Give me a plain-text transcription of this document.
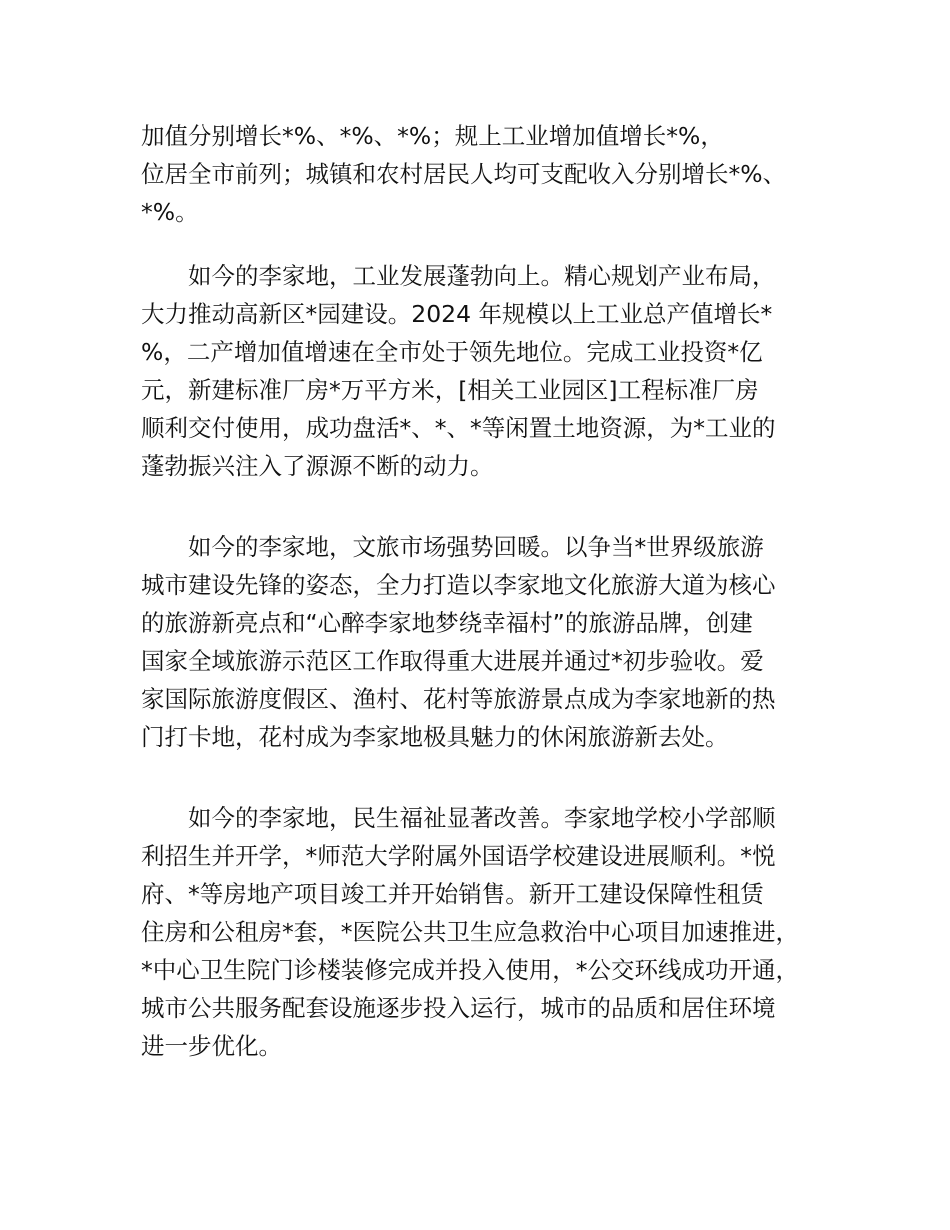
加值分别增长*%、*%、*%；规上工业增加值增长*%，
位居全市前列；城镇和农村居民人均可支配收入分别增长*%、
*%。
如今的李家地，工业发展蓬勃向上。精心规划产业布局，
大力推动高新区*园建设。2024 年规模以上工业总产值增长*
%，二产增加值增速在全市处于领先地位。完成工业投资*亿
元，新建标准厂房*万平方米，[相关工业园区]工程标准厂房
顺利交付使用，成功盘活*、*、*等闲置土地资源，为*工业的
蓬勃振兴注入了源源不断的动力。
如今的李家地，文旅市场强势回暖。以争当*世界级旅游
城市建设先锋的姿态，全力打造以李家地文化旅游大道为核心
的旅游新亮点和“心醉李家地梦绕幸福村”的旅游品牌，创建
国家全域旅游示范区工作取得重大进展并通过*初步验收。爱
家国际旅游度假区、渔村、花村等旅游景点成为李家地新的热
门打卡地，花村成为李家地极具魅力的休闲旅游新去处。
如今的李家地，民生福祉显著改善。李家地学校小学部顺
利招生并开学，*师范大学附属外国语学校建设进展顺利。*悦
府、*等房地产项目竣工并开始销售。新开工建设保障性租赁
住房和公租房*套，*医院公共卫生应急救治中心项目加速推进，
*中心卫生院门诊楼装修完成并投入使用，*公交环线成功开通，
城市公共服务配套设施逐步投入运行，城市的品质和居住环境
进一步优化。
